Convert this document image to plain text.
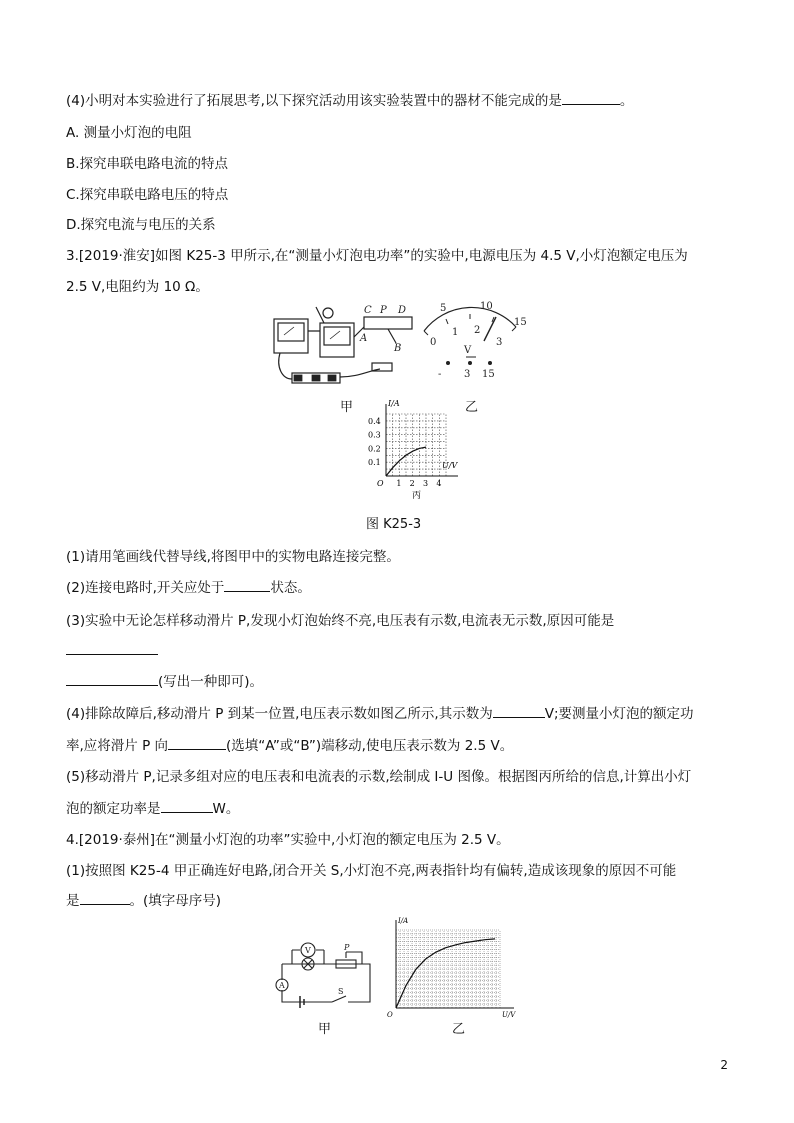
(4)小明对本实验进行了拓展思考,以下探究活动用该实验装置中的器材不能完成的是	。
A. 测量小灯泡的电阻
B.探究串联电路电流的特点
C.探究串联电路电压的特点
D.探究电流与电压的关系
3.[2019·淮安]如图 K25-3 甲所示,在“测量小灯泡电功率”的实验中,电源电压为 4.5 V,小灯泡额定电压为
2.5 V,电阻约为 10 Ω。
C P D
A
B
甲
5	10
15
0
1 2
3
V
- 3 15
乙
I/A
U/V
O 1 2 3 4
0.1
0.2
0.3
0.4
丙
图 K25-3
(1)请用笔画线代替导线,将图甲中的实物电路连接完整。
(2)连接电路时,开关应处于	状态。
(3)实验中无论怎样移动滑片 P,发现小灯泡始终不亮,电压表有示数,电流表无示数,原因可能是
(写出一种即可)。
(4)排除故障后,移动滑片 P 到某一位置,电压表示数如图乙所示,其示数为	V;要测量小灯泡的额定功
率,应将滑片 P 向	(选填“A”或“B”)端移动,使电压表示数为 2.5 V。
(5)移动滑片 P,记录多组对应的电压表和电流表的示数,绘制成 I-U 图像。根据图丙所给的信息,计算出小灯
泡的额定功率是	W。
4.[2019·泰州]在“测量小灯泡的功率”实验中,小灯泡的额定电压为 2.5 V。
(1)按照图 K25-4 甲正确连好电路,闭合开关 S,小灯泡不亮,两表指针均有偏转,造成该现象的原因不可能
是	。(填字母序号)
V
A
P
S
甲
I/A
U/V
O
乙
2
